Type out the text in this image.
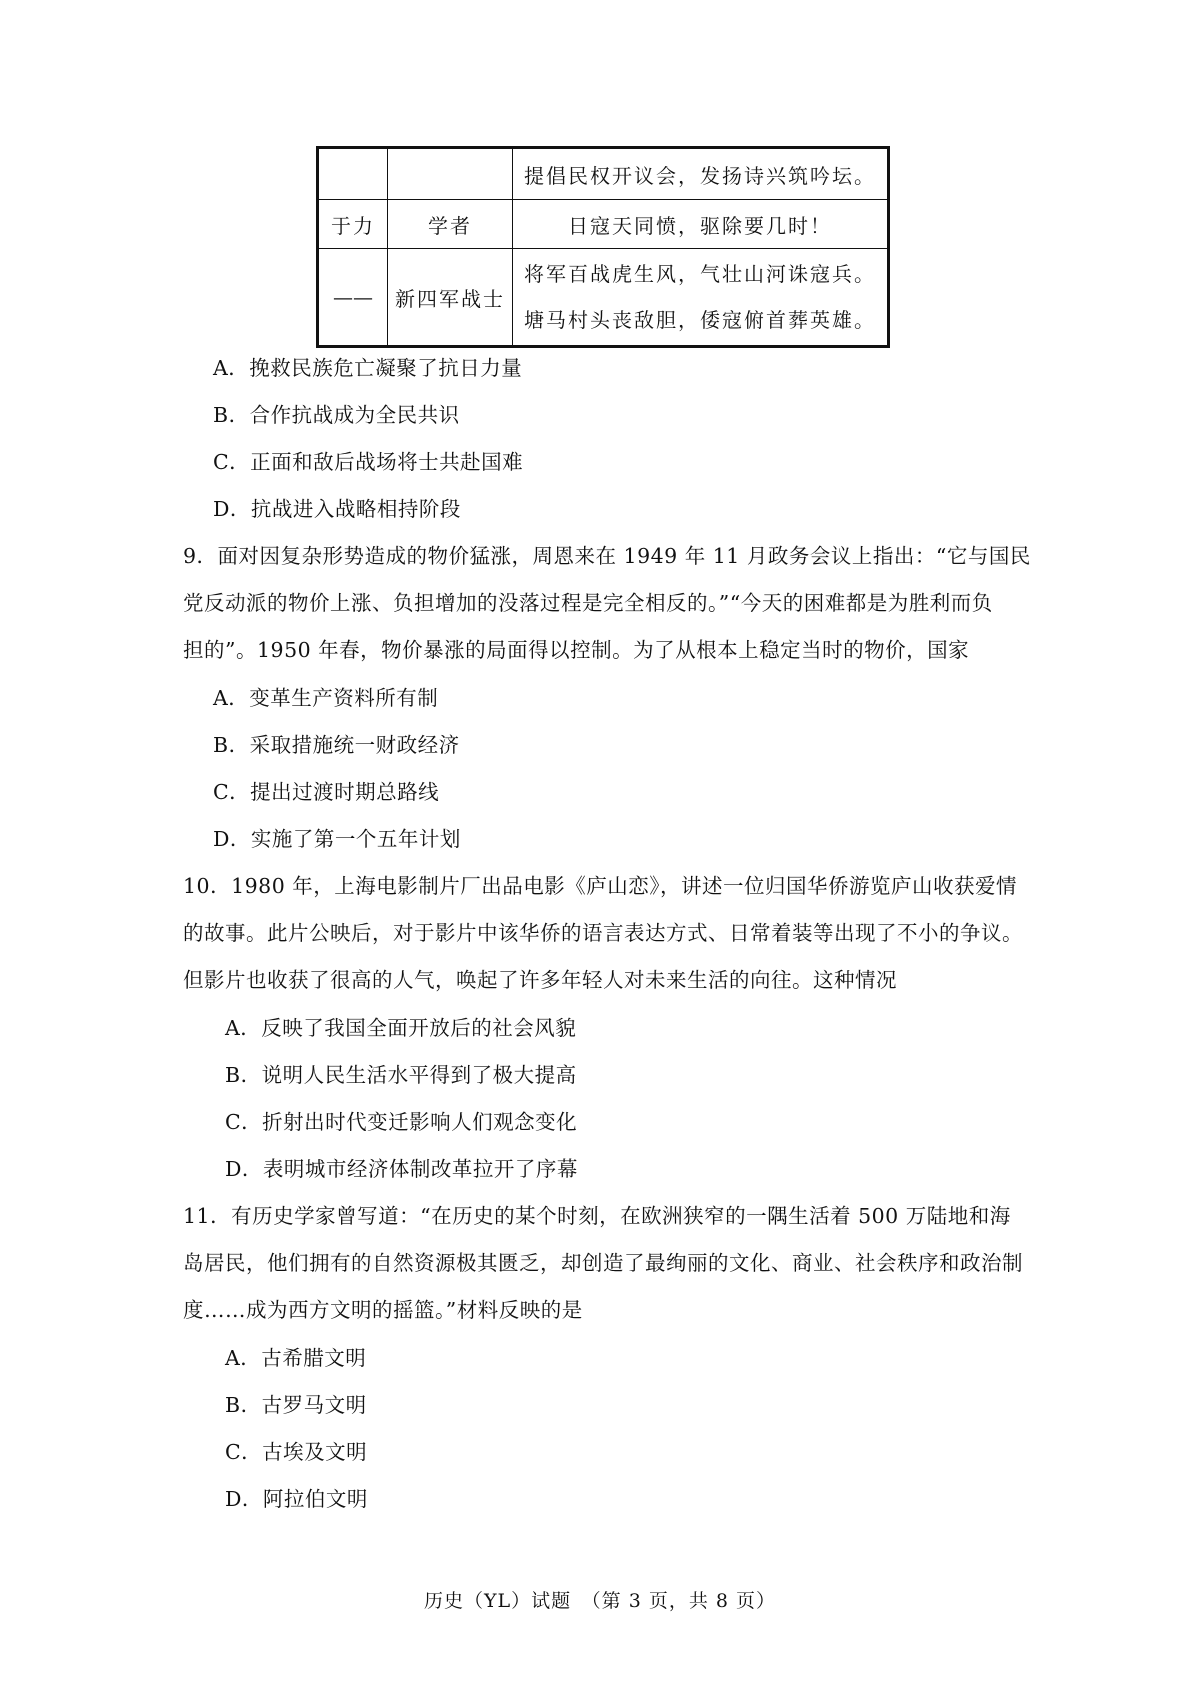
		提倡民权开议会，发扬诗兴筑吟坛。
于力	学者	日寇天同愤，驱除要几时！
——	新四军战士	将军百战虎生风，气壮山河诛寇兵。
塘马村头丧敌胆，倭寇俯首葬英雄。
A．挽救民族危亡凝聚了抗日力量
B．合作抗战成为全民共识
C．正面和敌后战场将士共赴国难
D．抗战进入战略相持阶段
9．面对因复杂形势造成的物价猛涨，周恩来在 1949 年 11 月政务会议上指出：“它与国民
党反动派的物价上涨、负担增加的没落过程是完全相反的。”“今天的困难都是为胜利而负
担的”。1950 年春，物价暴涨的局面得以控制。为了从根本上稳定当时的物价，国家
A．变革生产资料所有制
B．采取措施统一财政经济
C．提出过渡时期总路线
D．实施了第一个五年计划
10．1980 年，上海电影制片厂出品电影《庐山恋》，讲述一位归国华侨游览庐山收获爱情
的故事。此片公映后，对于影片中该华侨的语言表达方式、日常着装等出现了不小的争议。
但影片也收获了很高的人气，唤起了许多年轻人对未来生活的向往。这种情况
A．反映了我国全面开放后的社会风貌
B．说明人民生活水平得到了极大提高
C．折射出时代变迁影响人们观念变化
D．表明城市经济体制改革拉开了序幕
11．有历史学家曾写道：“在历史的某个时刻，在欧洲狭窄的一隅生活着 500 万陆地和海
岛居民，他们拥有的自然资源极其匮乏，却创造了最绚丽的文化、商业、社会秩序和政治制
度……成为西方文明的摇篮。”材料反映的是
A．古希腊文明
B．古罗马文明
C．古埃及文明
D．阿拉伯文明
历史（YL）试题　（第 3 页，共 8 页）
